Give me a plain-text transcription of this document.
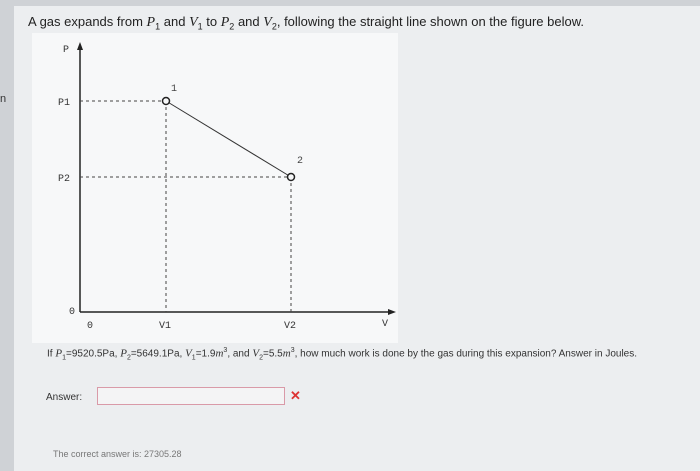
n
A gas expands from $P_1$ and $V_1$ to $P_2$ and $V_2$, following the straight line shown on the figure below.
P
V
0
P2
P1
0	V1	V2
1
2
If $P_1=9520.5Pa$, $P_2=5649.1Pa$, $V_1=1.9m^3$, and $V_2=5.5m^3$, how much work is done by the gas during this expansion? Answer in Joules.
Answer:	✕
The correct answer is: 27305.28
